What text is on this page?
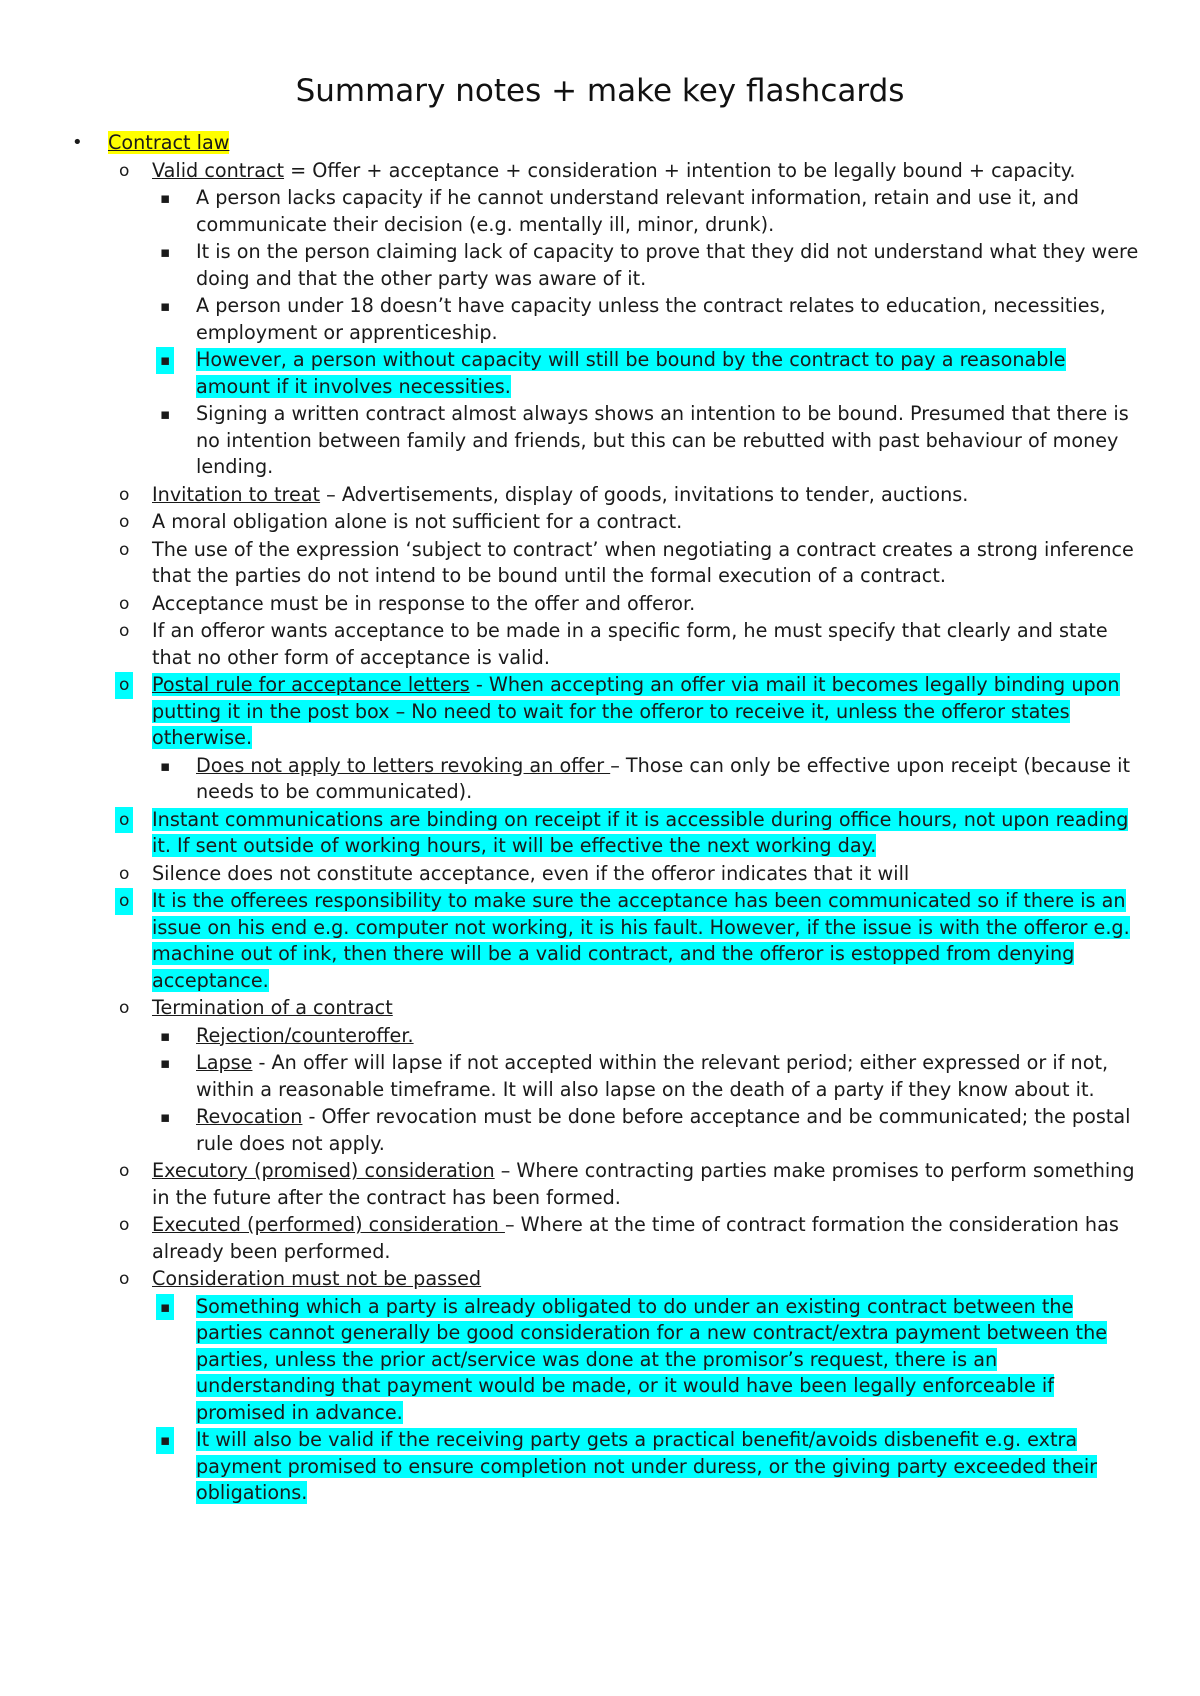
Summary notes + make key flashcards
• Contract law
o Valid contract = Offer + acceptance + consideration + intention to be legally bound + capacity.
▪ A person lacks capacity if he cannot understand relevant information, retain and use it, and communicate their decision (e.g. mentally ill, minor, drunk).
▪ It is on the person claiming lack of capacity to prove that they did not understand what they were doing and that the other party was aware of it.
▪ A person under 18 doesn’t have capacity unless the contract relates to education, necessities, employment or apprenticeship.
▪ However, a person without capacity will still be bound by the contract to pay a reasonable amount if it involves necessities.
▪ Signing a written contract almost always shows an intention to be bound. Presumed that there is no intention between family and friends, but this can be rebutted with past behaviour of money lending.
o Invitation to treat – Advertisements, display of goods, invitations to tender, auctions.
o A moral obligation alone is not sufficient for a contract.
o The use of the expression ‘subject to contract’ when negotiating a contract creates a strong inference that the parties do not intend to be bound until the formal execution of a contract.
o Acceptance must be in response to the offer and offeror.
o If an offeror wants acceptance to be made in a specific form, he must specify that clearly and state that no other form of acceptance is valid.
o Postal rule for acceptance letters - When accepting an offer via mail it becomes legally binding upon putting it in the post box – No need to wait for the offeror to receive it, unless the offeror states otherwise.
▪ Does not apply to letters revoking an offer – Those can only be effective upon receipt (because it needs to be communicated).
o Instant communications are binding on receipt if it is accessible during office hours, not upon reading it. If sent outside of working hours, it will be effective the next working day.
o Silence does not constitute acceptance, even if the offeror indicates that it will
o It is the offerees responsibility to make sure the acceptance has been communicated so if there is an issue on his end e.g. computer not working, it is his fault. However, if the issue is with the offeror e.g. machine out of ink, then there will be a valid contract, and the offeror is estopped from denying acceptance.
o Termination of a contract
▪ Rejection/counteroffer.
▪ Lapse - An offer will lapse if not accepted within the relevant period; either expressed or if not, within a reasonable timeframe. It will also lapse on the death of a party if they know about it.
▪ Revocation - Offer revocation must be done before acceptance and be communicated; the postal rule does not apply.
o Executory (promised) consideration – Where contracting parties make promises to perform something in the future after the contract has been formed.
o Executed (performed) consideration – Where at the time of contract formation the consideration has already been performed.
o Consideration must not be passed
▪ Something which a party is already obligated to do under an existing contract between the parties cannot generally be good consideration for a new contract/extra payment between the parties, unless the prior act/service was done at the promisor’s request, there is an understanding that payment would be made, or it would have been legally enforceable if promised in advance.
▪ It will also be valid if the receiving party gets a practical benefit/avoids disbenefit e.g. extra payment promised to ensure completion not under duress, or the giving party exceeded their obligations.
